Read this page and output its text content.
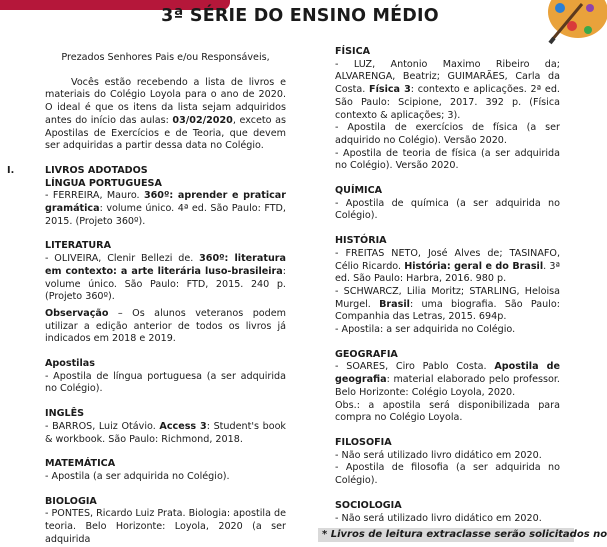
3ª SÉRIE DO ENSINO MÉDIO

Prezados Senhores Pais e/ou Responsáveis,

Vocês estão recebendo a lista de livros e materiais do Colégio Loyola para o ano de 2020. O ideal é que os itens da lista sejam adquiridos antes do início das aulas: 03/02/2020, exceto as Apostilas de Exercícios e de Teoria, que devem ser adquiridas a partir dessa data no Colégio.

I.	LIVROS ADOTADOS

LÍNGUA PORTUGUESA

- FERREIRA, Mauro. 360º: aprender e praticar gramática: volume único. 4ª ed. São Paulo: FTD, 2015. (Projeto 360º).

LITERATURA

- OLIVEIRA, Clenir Bellezi de. 360º: literatura em contexto: a arte literária luso-brasileira: volume único. São Paulo: FTD, 2015. 240 p. (Projeto 360º).

Observação – Os alunos veteranos podem utilizar a edição anterior de todos os livros já indicados em 2018 e 2019.

Apostilas

- Apostila de língua portuguesa (a ser adquirida no Colégio).

INGLÊS

- BARROS, Luiz Otávio. Access 3: Student's book & workbook. São Paulo: Richmond, 2018.

MATEMÁTICA

- Apostila (a ser adquirida no Colégio).

BIOLOGIA

- PONTES, Ricardo Luiz Prata. Biologia: apostila de teoria. Belo Horizonte: Loyola, 2020 (a ser adquirida

FÍSICA

- LUZ, Antonio Maximo Ribeiro da; ALVARENGA, Beatriz; GUIMARÃES, Carla da Costa. Física 3: contexto e aplicações. 2ª ed. São Paulo: Scipione, 2017. 392 p. (Física contexto & aplicações; 3).

- Apostila de exercícios de física (a ser adquirido no Colégio). Versão 2020.

- Apostila de teoria de física (a ser adquirida no Colégio). Versão 2020.

QUÍMICA

- Apostila de química (a ser adquirida no Colégio).

HISTÓRIA

- FREITAS NETO, José Alves de; TASINAFO, Célio Ricardo. História: geral e do Brasil. 3ª ed. São Paulo: Harbra, 2016. 980 p.

- SCHWARCZ, Lilia Moritz; STARLING, Heloisa Murgel. Brasil: uma biografia. São Paulo: Companhia das Letras, 2015. 694p.

- Apostila: a ser adquirida no Colégio.

GEOGRAFIA

- SOARES, Ciro Pablo Costa. Apostila de geografia: material elaborado pelo professor. Belo Horizonte: Colégio Loyola, 2020.

Obs.: a apostila será disponibilizada para compra no Colégio Loyola.

FILOSOFIA

- Não será utilizado livro didático em 2020.

- Apostila de filosofia (a ser adquirida no Colégio).

SOCIOLOGIA

- Não será utilizado livro didático em 2020.

* Livros de leitura extraclasse serão solicitados no
